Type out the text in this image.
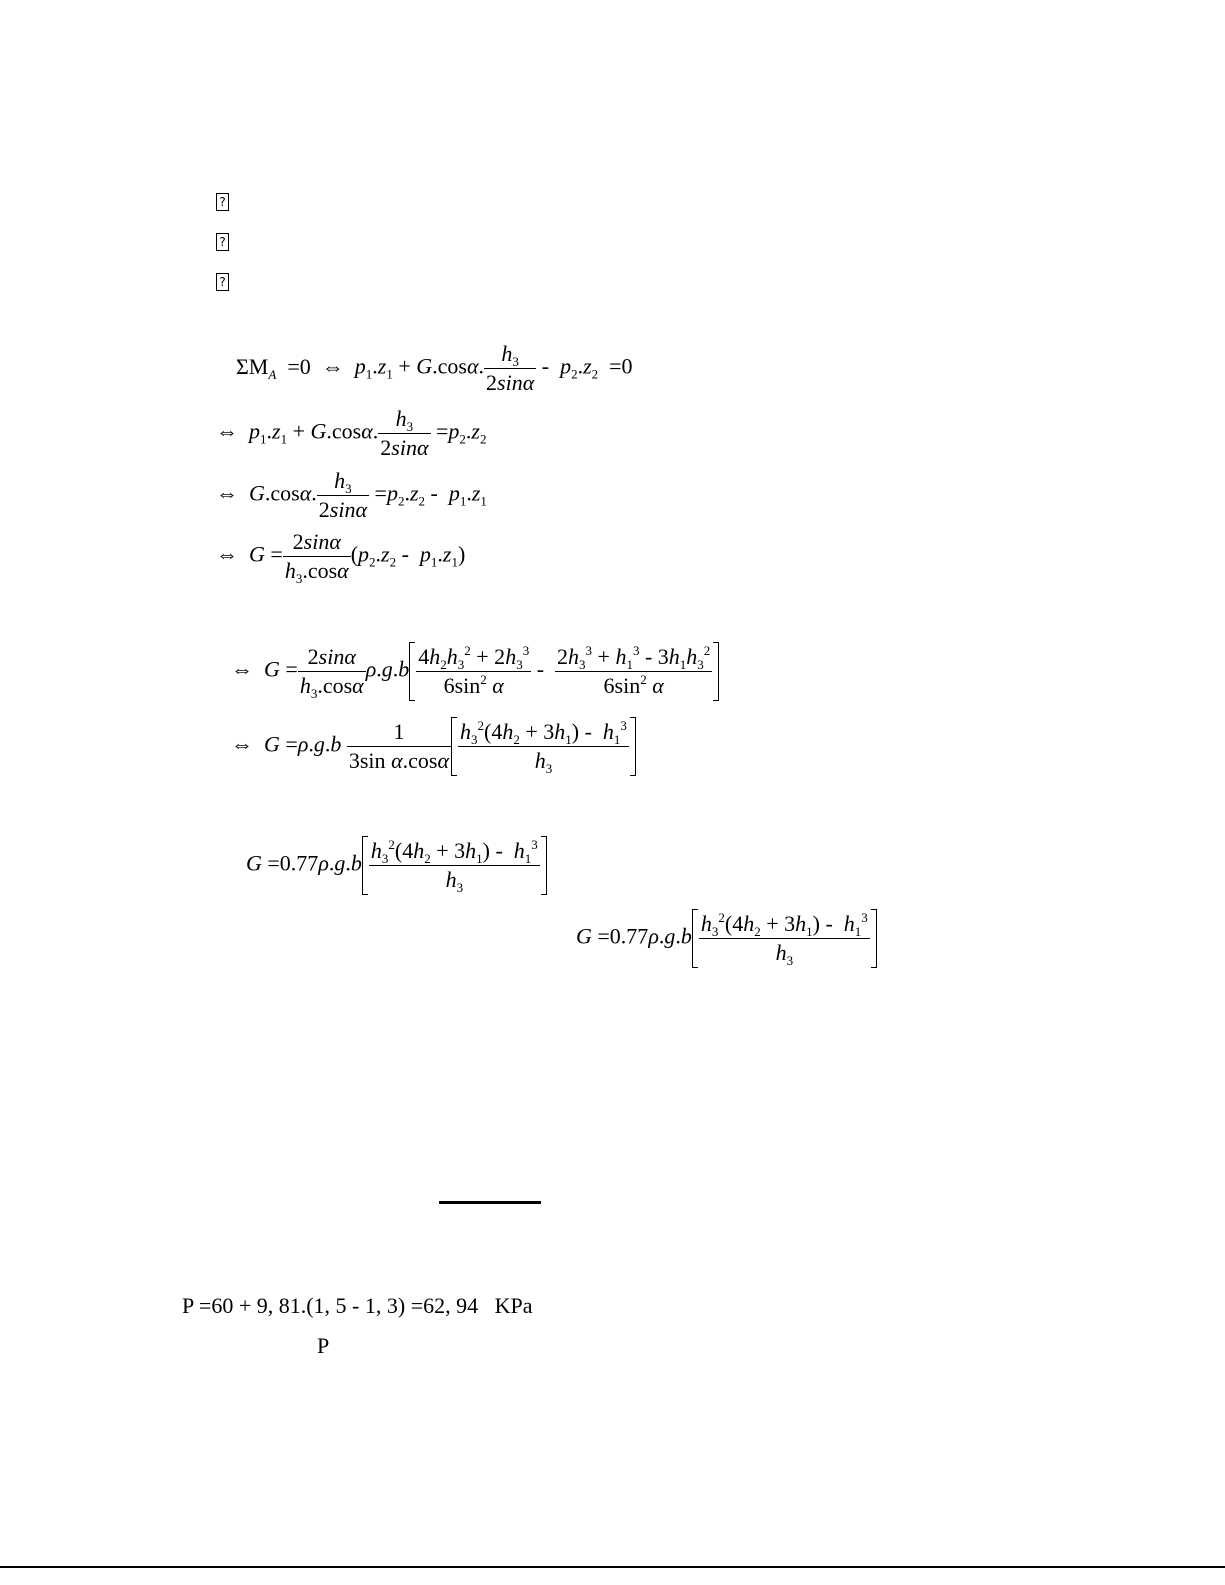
?
?
?
$\Sigma M_A =0$  ⇔  $p_1.z_1 + G.\cos\alpha$. $\frac{h_3}{2\sin\alpha} - p_2.z_2 =0$
⇔  $p_1.z_1 + G.\cos\alpha$. $\frac{h_3}{2\sin\alpha} =p_2.z_2$
⇔  G.cosα. $\frac{h_3}{2\sin\alpha} =p_2.z_2 - p_1.z_1$
⇔  $G = \frac{2\sin\alpha}{h_3.\cos\alpha} (p_2.z_2 - p_1.z_1)$
⇔  $G = \frac{2\sin\alpha}{h_3.\cos\alpha} \rho.g.b \frac{4h_2h_3^2 + 2h_3^3}{6\sin^2 \alpha} - \frac{2h_3^3 + h_1^3 - 3h_1h_3^2}{6\sin^2 \alpha}$
⇔  $G =\rho.g.b \frac{1}{\text{3sin α.cosα}} \frac{h_3^2(4h_2 + 3h_1) - h_1^3}{h_3}$
$G =0.77\rho.g.b \frac{h_3^2(4h_2 + 3h_1) - h_1^3}{h_3}$
$G =0.77\rho.g.b \frac{h_3^2(4h_2 + 3h_1) - h_1^3}{h_3}$
P =60 + 9, 81.(1, 5 - 1, 3) =62, 94 KPa
P
